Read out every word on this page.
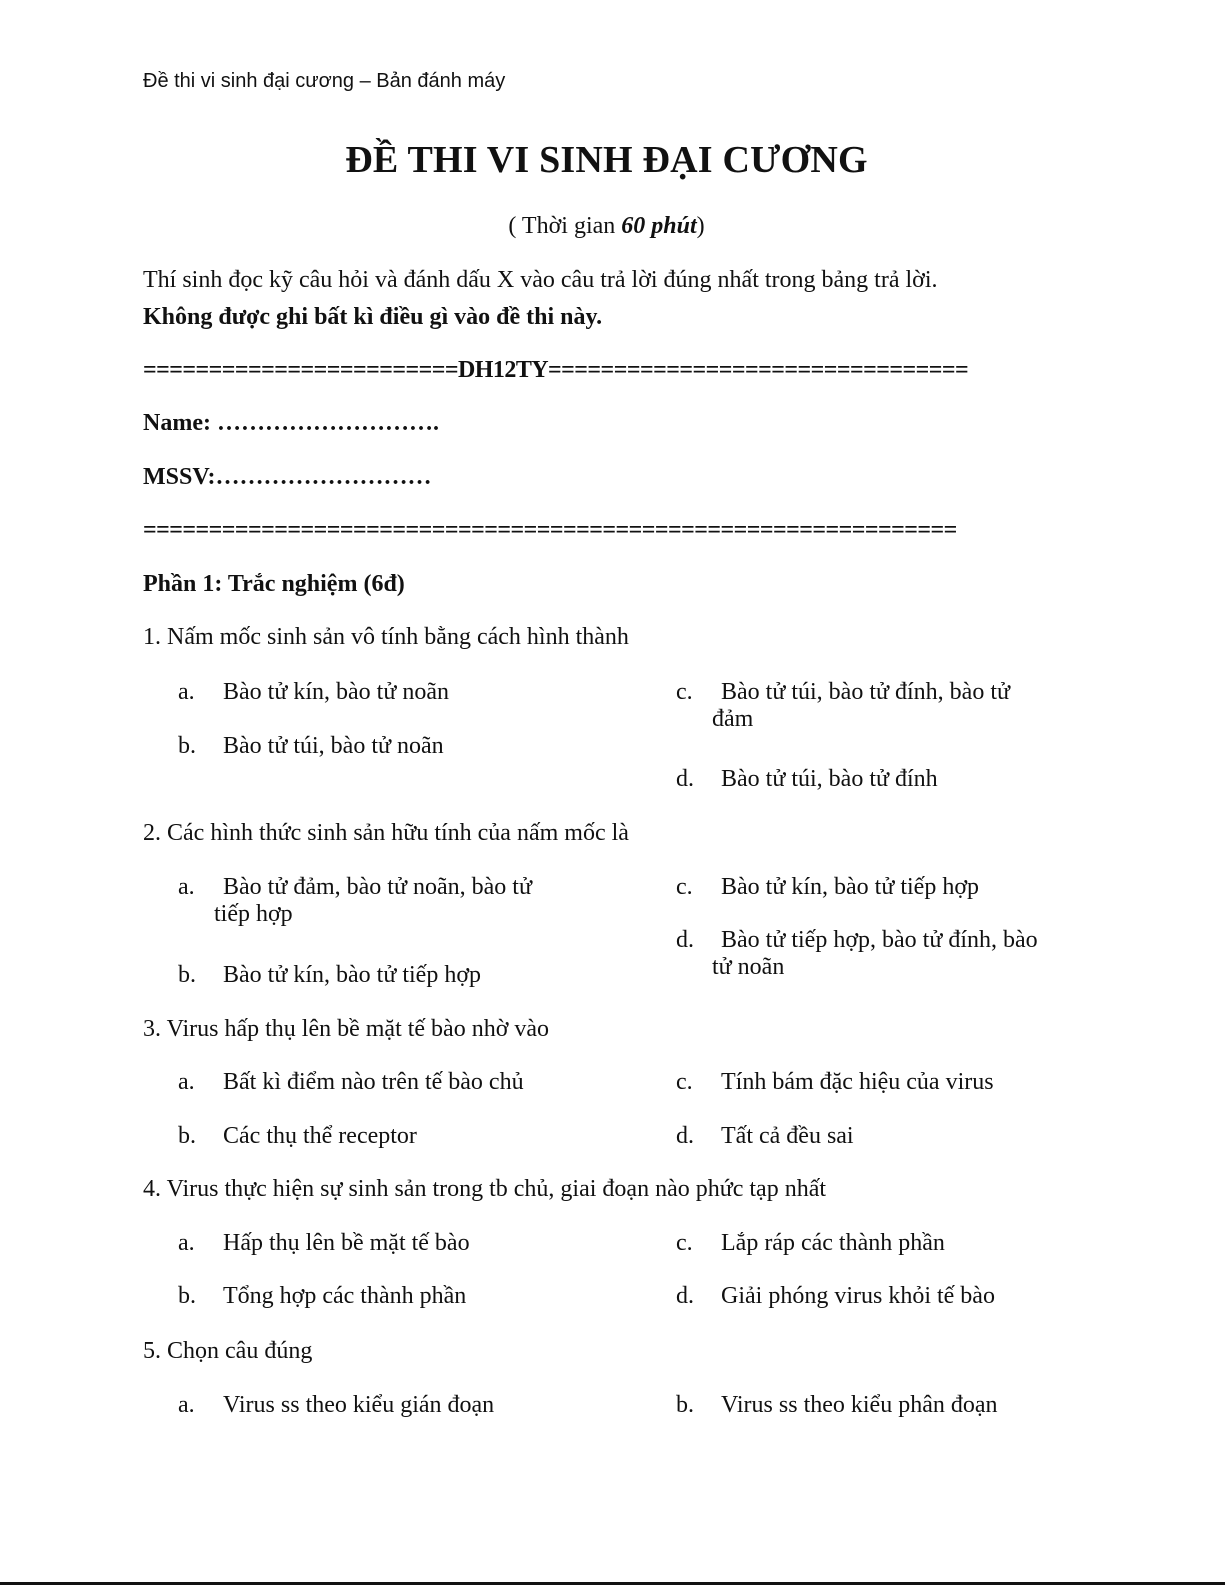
Đề thi vi sinh đại cương – Bản đánh máy
ĐỀ THI VI SINH ĐẠI CƯƠNG
( Thời gian 60 phút)
Thí sinh đọc kỹ câu hỏi và đánh dấu X vào câu trả lời đúng nhất trong bảng trả lời.
Không được ghi bất kì điều gì vào đề thi này.
========================DH12TY================================
Name: ……………………….
MSSV:………………………
==============================================================
Phần 1: Trắc nghiệm (6đ)
1. Nấm mốc sinh sản vô tính bằng cách hình thành
a. Bào tử kín, bào tử noãn
b. Bào tử túi, bào tử noãn
c. Bào tử túi, bào tử đính, bào tử
đảm
d. Bào tử túi, bào tử đính
2. Các hình thức sinh sản hữu tính của nấm mốc là
a. Bào tử đảm, bào tử noãn, bào tử
tiếp hợp
b. Bào tử kín, bào tử tiếp hợp
c. Bào tử kín, bào tử tiếp hợp
d. Bào tử tiếp hợp, bào tử đính, bào
tử noãn
3. Virus hấp thụ lên bề mặt tế bào nhờ vào
a. Bất kì điểm nào trên tế bào chủ
b. Các thụ thể receptor
c. Tính bám đặc hiệu của virus
d. Tất cả đều sai
4. Virus thực hiện sự sinh sản trong tb chủ, giai đoạn nào phức tạp nhất
a. Hấp thụ lên bề mặt tế bào
b. Tổng hợp các thành phần
c. Lắp ráp các thành phần
d. Giải phóng virus khỏi tế bào
5. Chọn câu đúng
a. Virus ss theo kiểu gián đoạn	b. Virus ss theo kiểu phân đoạn
